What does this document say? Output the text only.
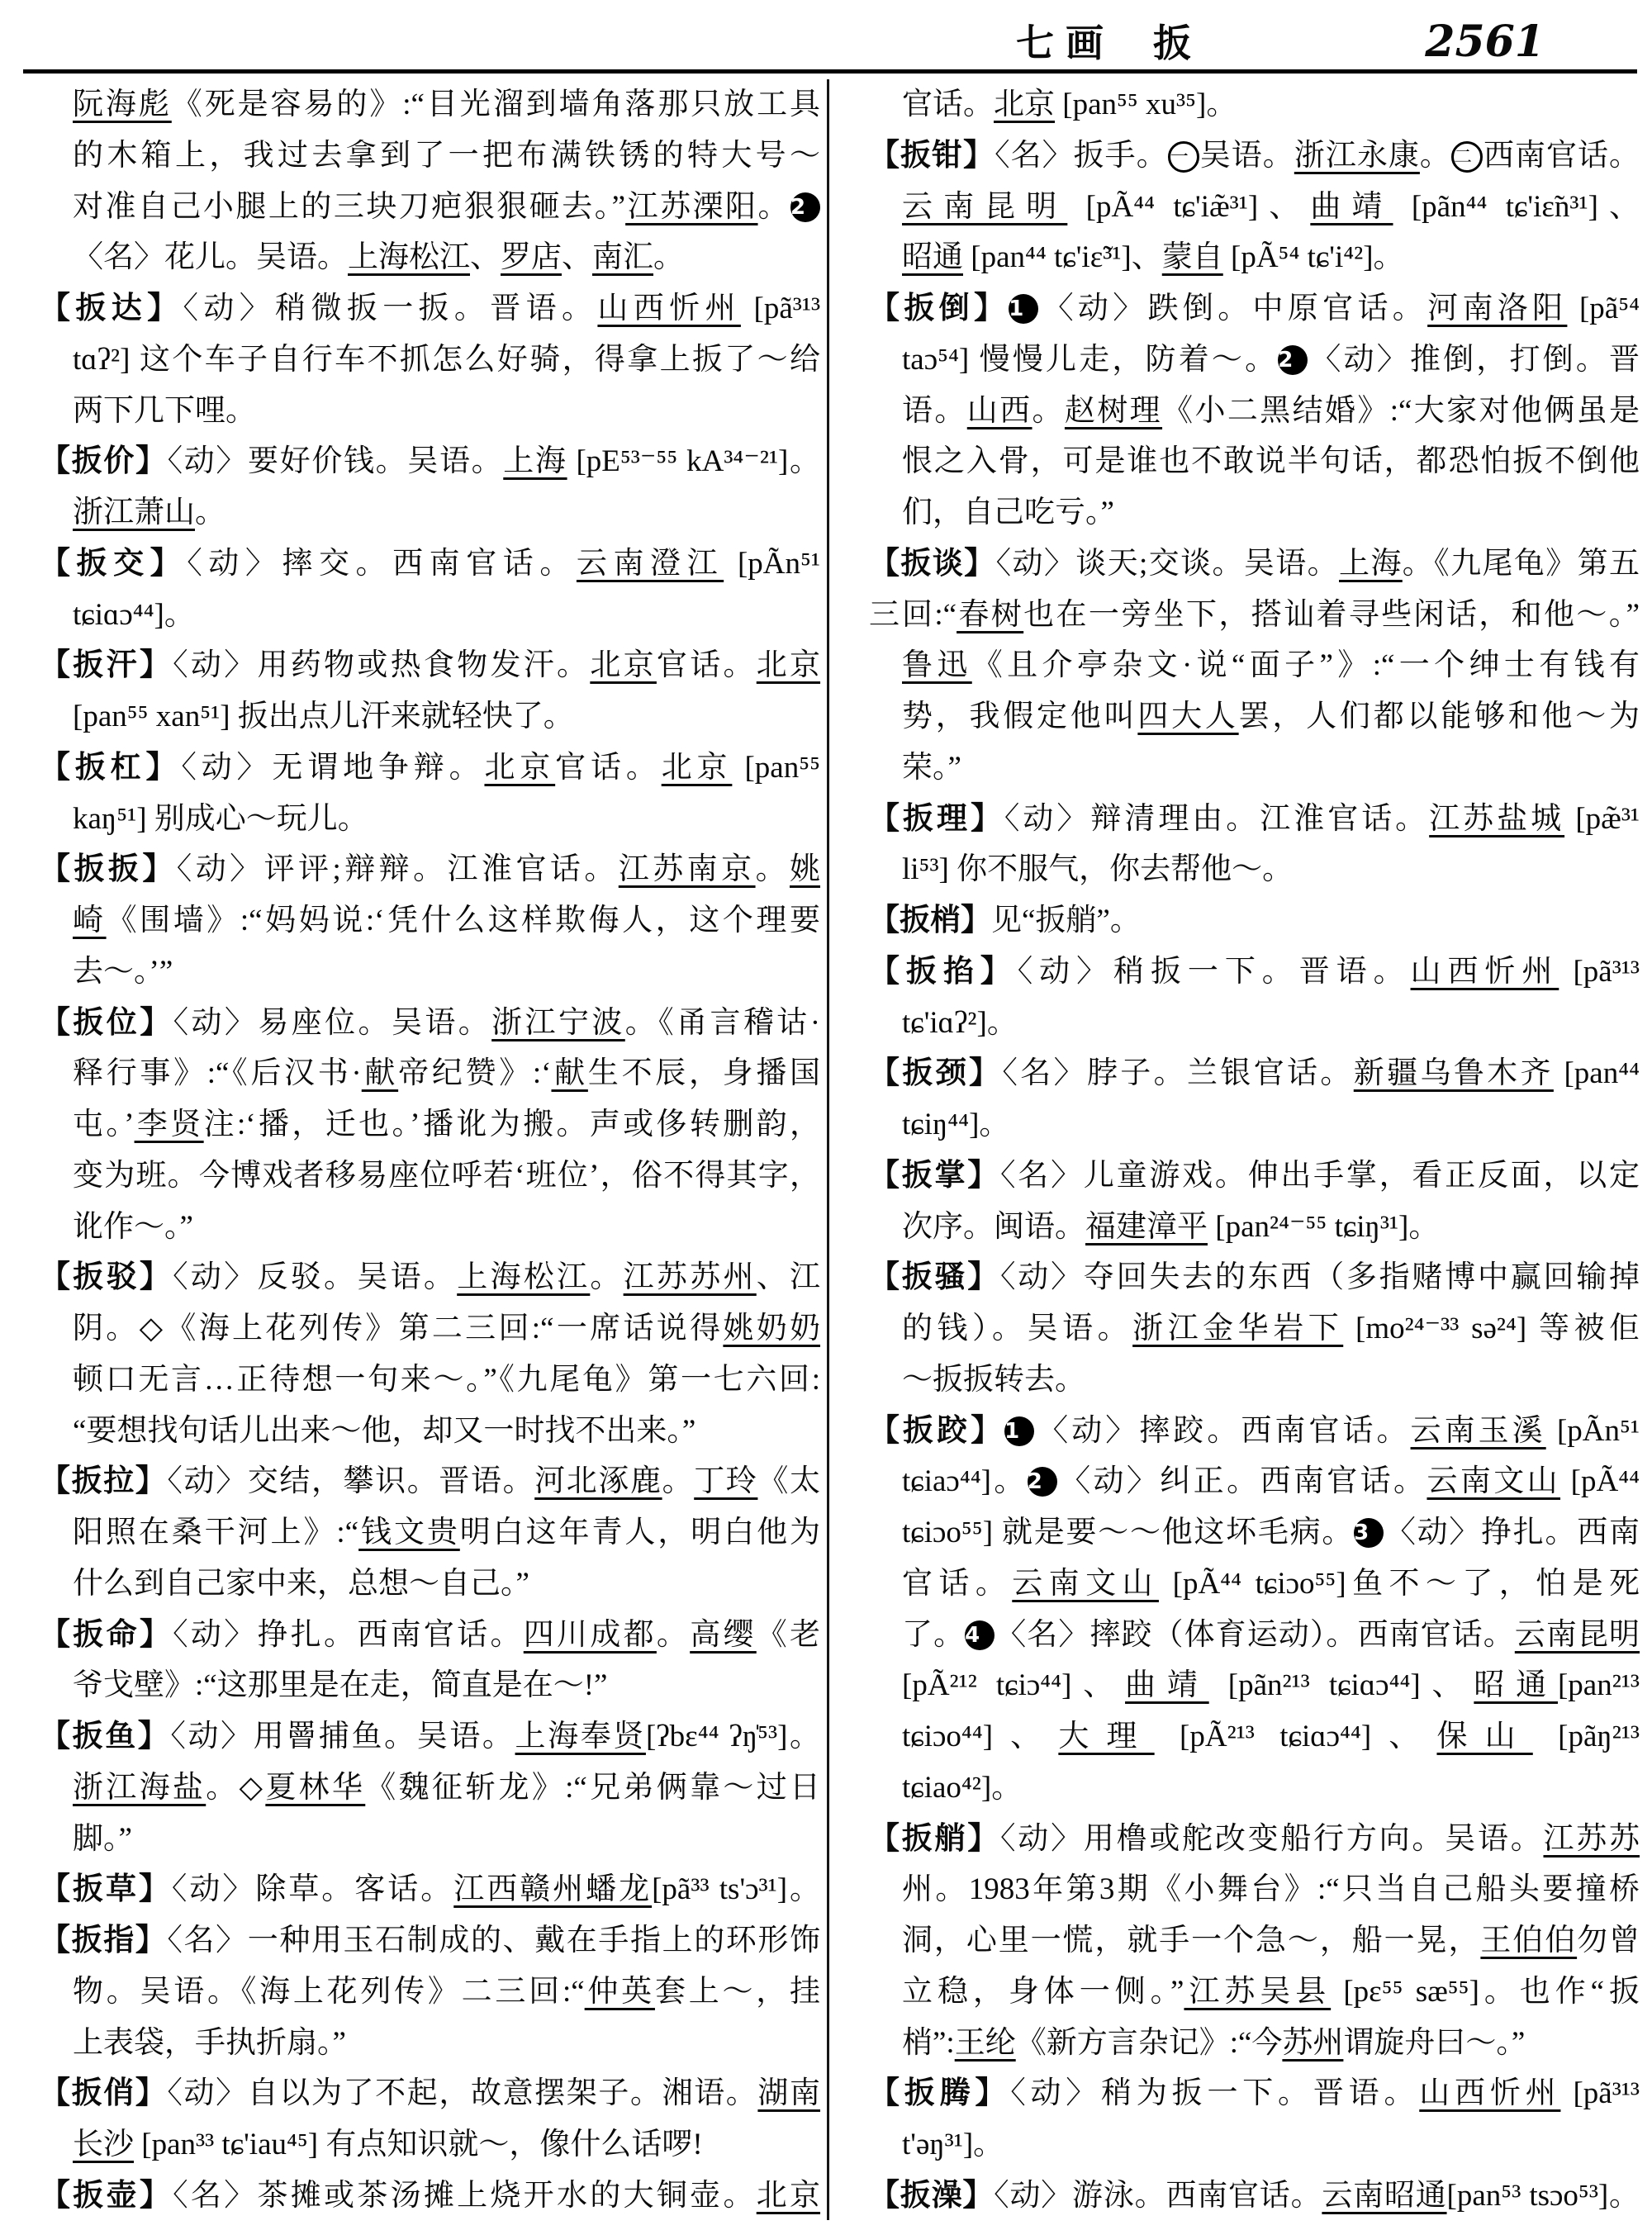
七画 扳	2561
阮海彪《死是容易的》:“目光溜到墙角落那只放工具
的木箱上，我过去拿到了一把布满铁锈的特大号～
对准自己小腿上的三块刀疤狠狠砸去。”江苏溧阳。2
〈名〉花儿。吴语。上海松江、罗店、南汇。
【扳达】〈动〉稍微扳一扳。晋语。山西忻州 [pã³¹³
tɑʔ²] 这个车子自行车不抓怎么好骑，得拿上扳了～给
两下几下哩。
【扳价】〈动〉要好价钱。吴语。上海 [pE⁵³⁻⁵⁵ kA³⁴⁻²¹]。
浙江萧山。
【扳交】〈动〉摔交。西南官话。云南澄江 [pÃn⁵¹
tɕiɑɔ⁴⁴]。
【扳汗】〈动〉用药物或热食物发汗。北京官话。北京
[pan⁵⁵ xan⁵¹] 扳出点儿汗来就轻快了。
【扳杠】〈动〉无谓地争辩。北京官话。北京 [pan⁵⁵
kaŋ⁵¹] 别成心～玩儿。
【扳扳】〈动〉评评;辩辩。江淮官话。江苏南京。姚
崎《围墙》:“妈妈说:‘凭什么这样欺侮人，这个理要
去～。’”
【扳位】〈动〉易座位。吴语。浙江宁波。《甬言稽诂·
释行事》:“《后汉书·献帝纪赞》:‘献生不辰，身播国
屯。’李贤注:‘播，迁也。’播讹为搬。声或侈转删韵，
变为班。今博戏者移易座位呼若‘班位’，俗不得其字，
讹作～。”
【扳驳】〈动〉反驳。吴语。上海松江。江苏苏州、江
阴。◇《海上花列传》第二三回:“一席话说得姚奶奶
顿口无言…正待想一句来～。”《九尾龟》第一七六回:
“要想找句话儿出来～他，却又一时找不出来。”
【扳拉】〈动〉交结，攀识。晋语。河北涿鹿。丁玲《太
阳照在桑干河上》:“钱文贵明白这年青人，明白他为
什么到自己家中来，总想～自己。”
【扳命】〈动〉挣扎。西南官话。四川成都。高缨《老
爷戈壁》:“这那里是在走，简直是在～!”
【扳鱼】〈动〉用罾捕鱼。吴语。上海奉贤[ʔbɛ⁴⁴ ʔŋ̍⁵³]。
浙江海盐。◇夏林华《魏征斩龙》:“兄弟俩靠～过日
脚。”
【扳草】〈动〉除草。客话。江西赣州蟠龙[pã³³ ts'ɔ³¹]。
【扳指】〈名〉一种用玉石制成的、戴在手指上的环形饰
物。吴语。《海上花列传》二三回:“仲英套上～，挂
上表袋，手执折扇。”
【扳俏】〈动〉自以为了不起，故意摆架子。湘语。湖南
长沙 [pan³³ tɕ'iau⁴⁵] 有点知识就～，像什么话啰!
【扳壶】〈名〉茶摊或茶汤摊上烧开水的大铜壶。北京
官话。北京 [pan⁵⁵ xu³⁵]。
【扳钳】〈名〉扳手。 一 吴语。浙江永康。 二 西南官话。
云南昆明 [pÃ⁴⁴ tɕ'iæ̃³¹]、曲靖 [pãn⁴⁴ tɕ'iɛ̃n³¹]、
昭通 [pan⁴⁴ tɕ'iɛ̃³¹]、蒙自 [pÃ⁵⁴ tɕ'i⁴²]。
【扳倒】1 〈动〉跌倒。中原官话。河南洛阳 [pã⁵⁴
taɔ⁵⁴] 慢慢儿走，防着～。2 〈动〉推倒，打倒。晋
语。山西。赵树理《小二黑结婚》:“大家对他俩虽是
恨之入骨，可是谁也不敢说半句话，都恐怕扳不倒他
们，自己吃亏。”
【扳谈】〈动〉谈天;交谈。吴语。上海。《九尾龟》第五三 回:“春树也在一旁坐下，搭讪着寻些闲话，和他～。”
鲁迅《且介亭杂文·说“面子”》:“一个绅士有钱有
势，我假定他叫四大人罢，人们都以能够和他～为
荣。”
【扳理】〈动〉辩清理由。江淮官话。江苏盐城 [pæ̃³¹
li⁵³] 你不服气，你去帮他～。
【扳梢】见“扳艄”。
【扳掐】〈动〉稍扳一下。晋语。山西忻州 [pã³¹³
tɕ'iɑʔ²]。
【扳颈】〈名〉脖子。兰银官话。新疆乌鲁木齐 [pan⁴⁴
tɕiŋ⁴⁴]。
【扳掌】〈名〉儿童游戏。伸出手掌，看正反面，以定
次序。闽语。福建漳平 [pan²⁴⁻⁵⁵ tɕiŋ³¹]。
【扳骚】〈动〉夺回失去的东西（多指赌博中赢回输掉
的钱）。吴语。浙江金华岩下 [mo²⁴⁻³³ sə²⁴] 等被佢
～扳扳转去。
【扳跤】1 〈动〉摔跤。西南官话。云南玉溪 [pÃn⁵¹
tɕiaɔ⁴⁴]。2 〈动〉纠正。西南官话。云南文山 [pÃ⁴⁴
tɕiɔo⁵⁵] 就是要～～他这坏毛病。3 〈动〉挣扎。西南
官话。云南文山 [pÃ⁴⁴ tɕiɔo⁵⁵]鱼不～了，怕是死
了。4 〈名〉摔跤（体育运动）。西南官话。云南昆明
[pÃ²¹² tɕiɔ⁴⁴]、曲靖 [pãn²¹³ tɕiɑɔ⁴⁴]、昭通[pan²¹³
tɕiɔo⁴⁴]、大理 [pÃ²¹³ tɕiɑɔ⁴⁴]、保山 [pãŋ²¹³
tɕiao⁴²]。
【扳艄】〈动〉用橹或舵改变船行方向。吴语。江苏苏
州。1983年第3期《小舞台》:“只当自己船头要撞桥
洞，心里一慌，就手一个急～，船一晃，王伯伯勿曾
立稳，身体一侧。”江苏吴县 [pɛ⁵⁵ sæ⁵⁵]。也作“扳
梢”:王纶《新方言杂记》:“今苏州谓旋舟曰～。”
【扳腾】〈动〉稍为扳一下。晋语。山西忻州 [pã³¹³
t'əŋ³¹]。
【扳澡】〈动〉游泳。西南官话。云南昭通[pan⁵³ tsɔo⁵³]。
